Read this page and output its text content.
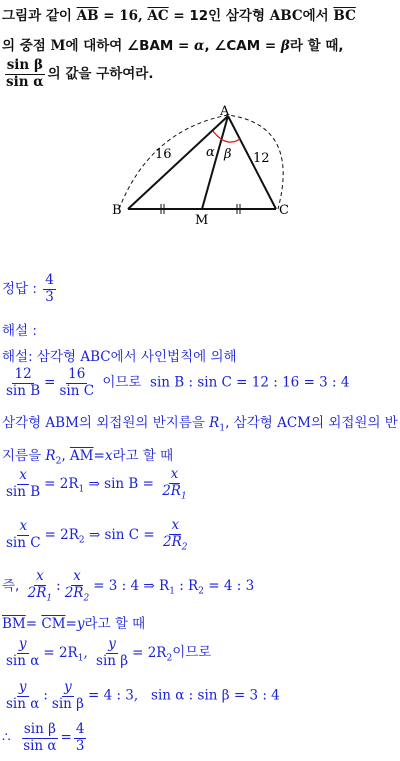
그림과 같이 $\overline{AB} = 16$, $\overline{AC} = 12$인 삼각형 ABC에서 $\overline{BC}$
의 중점 M에 대하여 ∠BAM = α, ∠CAM = β라 할 때,
$\frac{\text{sin β}}{\text{sin α}}$ 의 값을 구하여라.
A
B	C
M
16	12
α β
정답 : $\frac{4}{3}$
해설 :
해설: 삼각형 ABC에서 사인법칙에 의해
$\frac{12}{\text{sin B}} = \frac{16}{\text{sin C}}$ 이므로 sin B : sin C = 12 : 16 = 3 : 4
삼각형 ABM의 외접원의 반지름을 $R_1$, 삼각형 ACM의 외접원의 반
지름을 $R_2$, $\overline{AM}=x$라고 할 때
$\frac{x}{\text{sin B}} = 2R_1$ ⇒ $\sin B = \frac{x}{2R_1}$
$\frac{x}{\text{sin C}} = 2R_2$ ⇒ $\sin C = \frac{x}{2R_2}$
즉, $\frac{x}{2R_1}$ : $\frac{x}{2R_2} = 3$ : 4 ⇒ $R_1$ : $R_2 = 4$ : 3
$\overline{BM}= \overline{CM}=y$라고 할 때
$\frac{y}{\text{sin α}} = 2R_1$, $\frac{y}{\text{sin β}} = 2R_2$이므로
$\frac{y}{\text{sin α}}$ : $\frac{y}{\text{sin β}} = 4$ : 3, sin α : sin β = 3 : 4
∴ $\frac{\text{sin β}}{\text{sin α}} = \frac{4}{3}$
